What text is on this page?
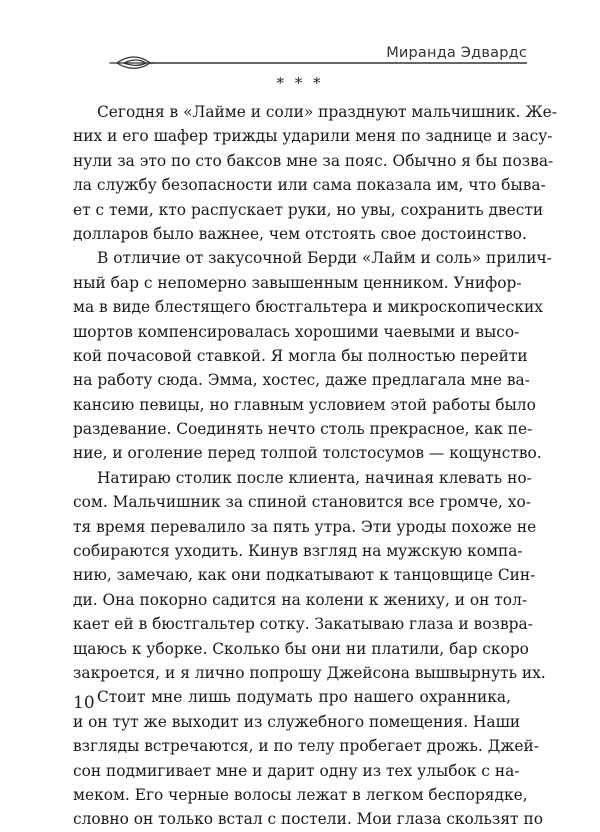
Миранда Эдвардс
* * *
Сегодня в «Лайме и соли» празднуют мальчишник. Же-
них и его шафер трижды ударили меня по заднице и засу-
нули за это по сто баксов мне за пояс. Обычно я бы позва-
ла службу безопасности или сама показала им, что быва-
ет с теми, кто распускает руки, но увы, сохранить двести
долларов было важнее, чем отстоять свое достоинство.
В отличие от закусочной Берди «Лайм и соль» прилич-
ный бар с непомерно завышенным ценником. Унифор-
ма в виде блестящего бюстгальтера и микроскопических
шортов компенсировалась хорошими чаевыми и высо-
кой почасовой ставкой. Я могла бы полностью перейти
на работу сюда. Эмма, хостес, даже предлагала мне ва-
кансию певицы, но главным условием этой работы было
раздевание. Соединять нечто столь прекрасное, как пе-
ние, и оголение перед толпой толстосумов — кощунство.
Натираю столик после клиента, начиная клевать но-
сом. Мальчишник за спиной становится все громче, хо-
тя время перевалило за пять утра. Эти уроды похоже не
собираются уходить. Кинув взгляд на мужскую компа-
нию, замечаю, как они подкатывают к танцовщице Син-
ди. Она покорно садится на колени к жениху, и он тол-
кает ей в бюстгальтер сотку. Закатываю глаза и возвра-
щаюсь к уборке. Сколько бы они ни платили, бар скоро
закроется, и я лично попрошу Джейсона вышвырнуть их.
Стоит мне лишь подумать про нашего охранника,
и он тут же выходит из служебного помещения. Наши
взгляды встречаются, и по телу пробегает дрожь. Джей-
сон подмигивает мне и дарит одну из тех улыбок с на-
меком. Его черные волосы лежат в легком беспорядке,
словно он только встал с постели. Мои глаза скользят по
10
